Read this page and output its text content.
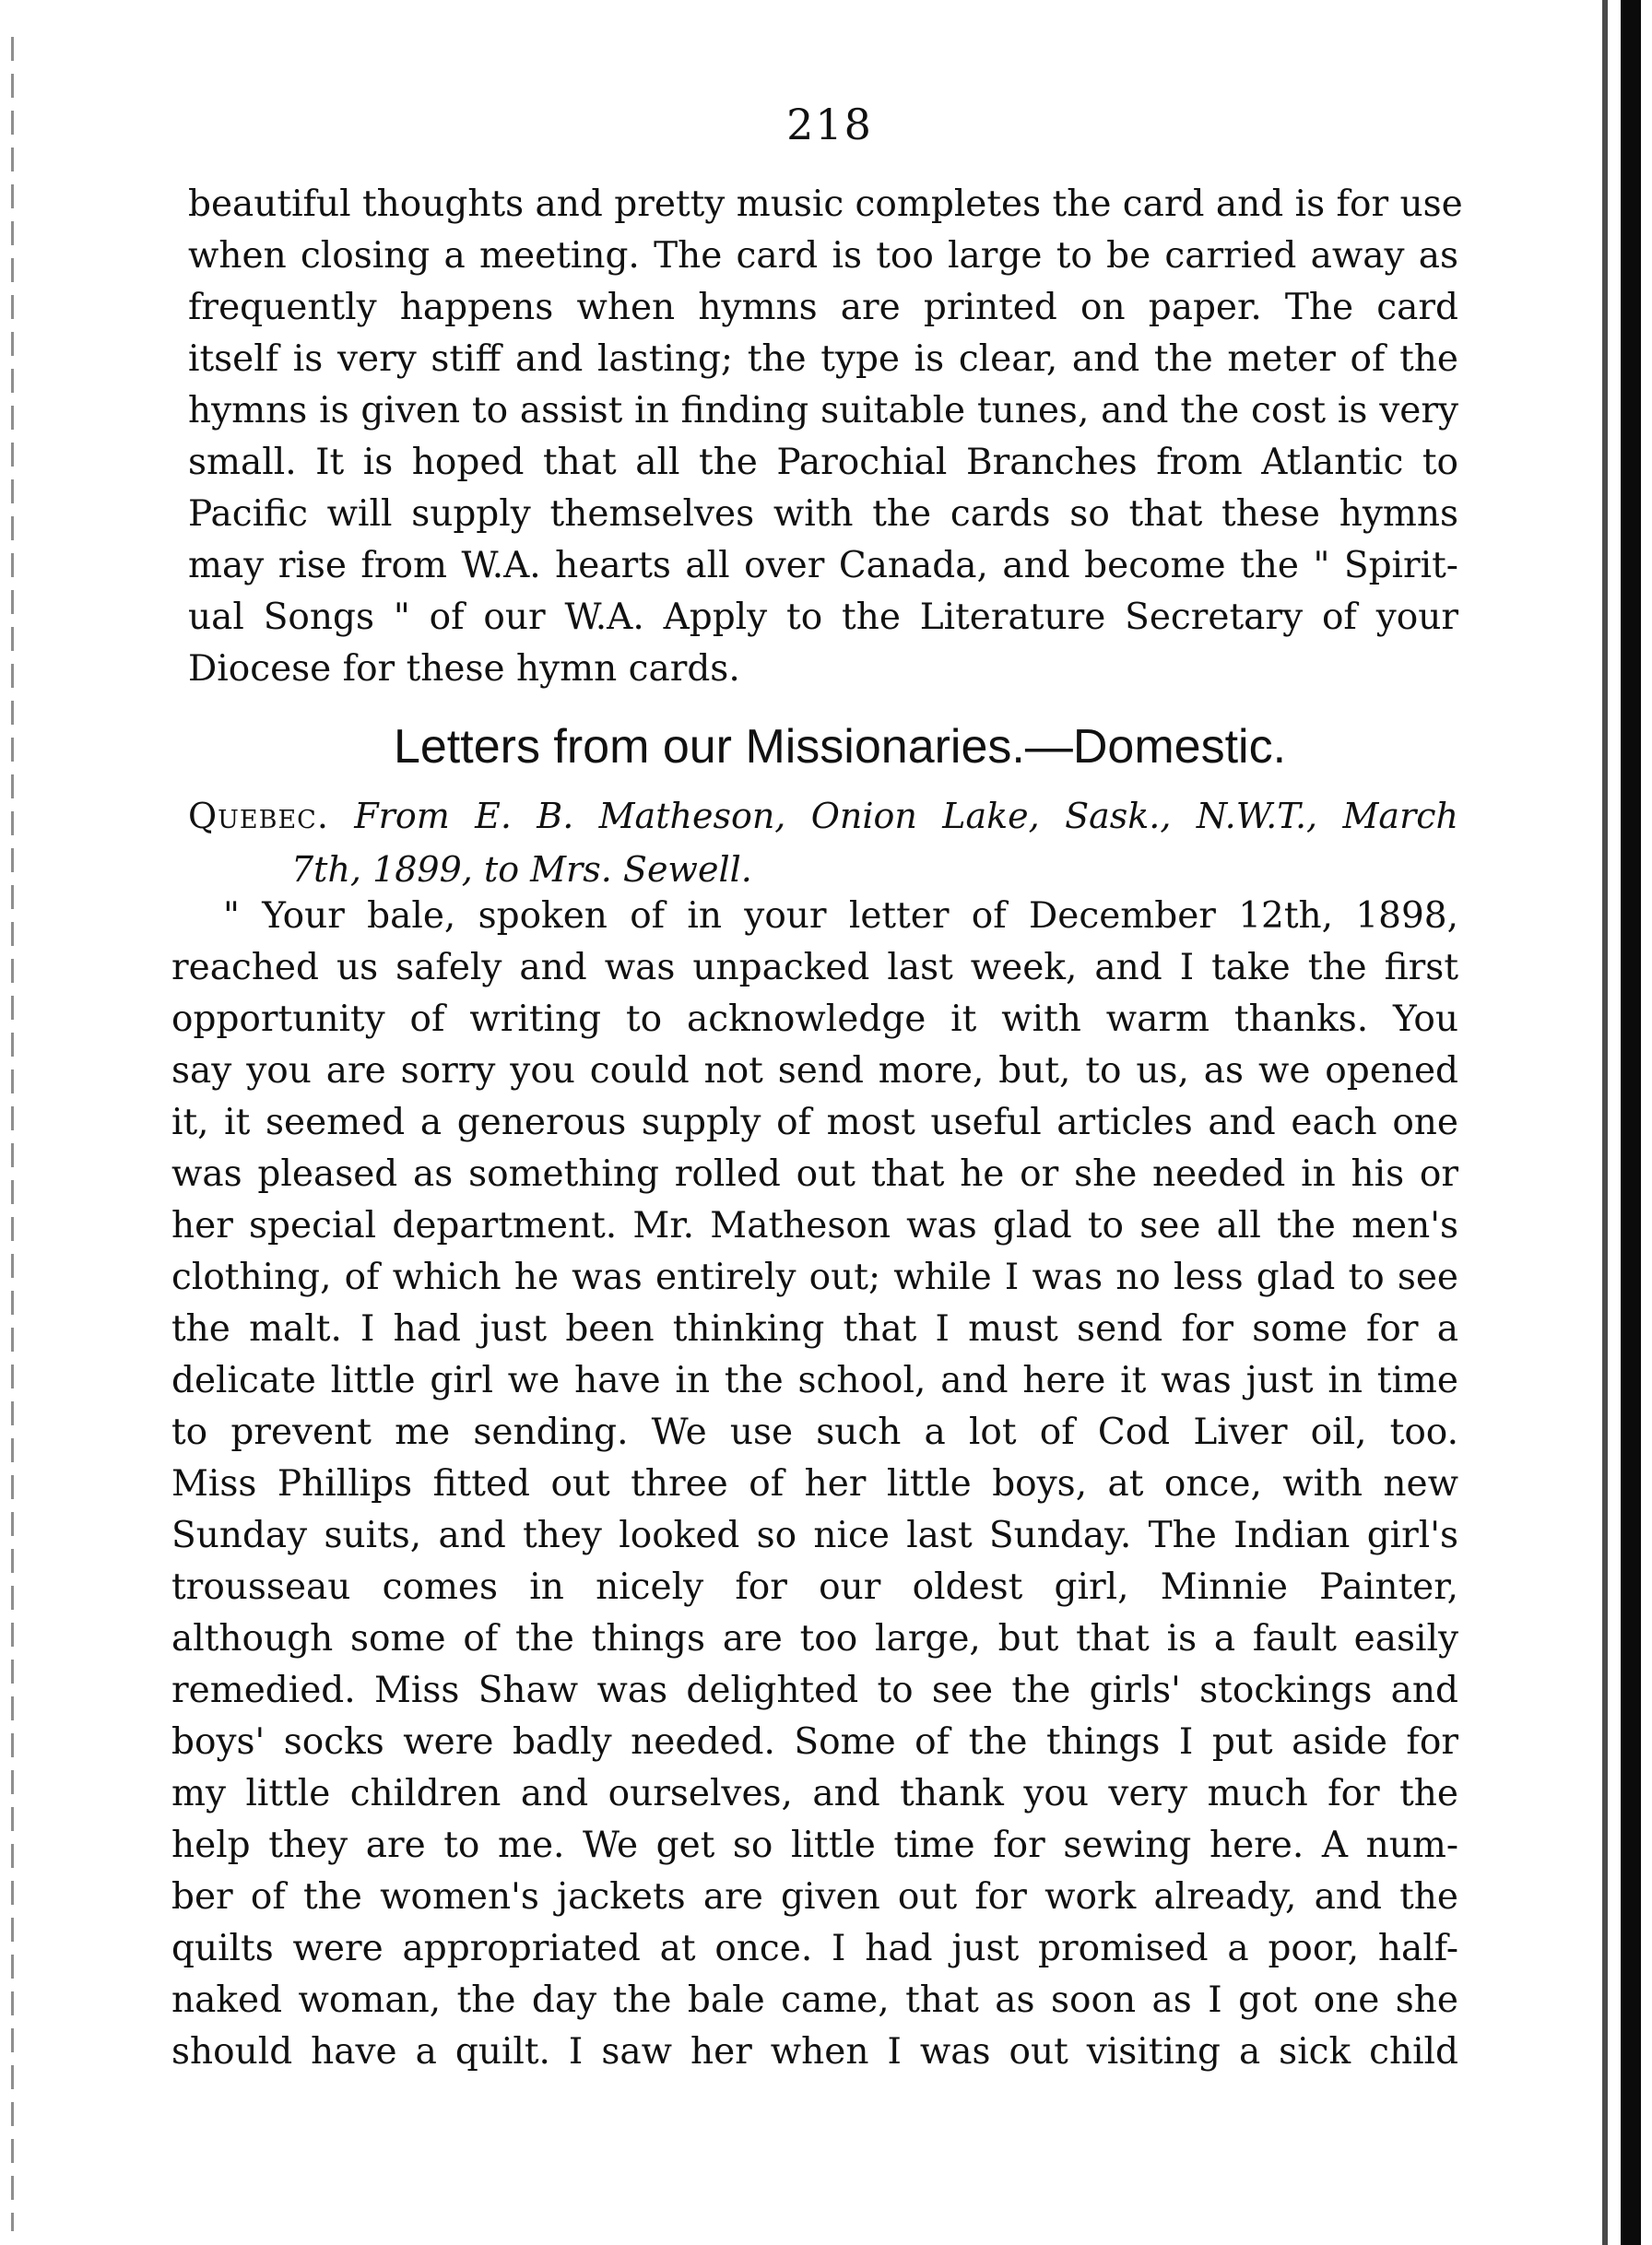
218
beautiful thoughts and pretty music completes the card and is for use
when closing a meeting. The card is too large to be carried away as
frequently happens when hymns are printed on paper. The card
itself is very stiff and lasting; the type is clear, and the meter of the
hymns is given to assist in finding suitable tunes, and the cost is very
small. It is hoped that all the Parochial Branches from Atlantic to
Pacific will supply themselves with the cards so that these hymns
may rise from W.A. hearts all over Canada, and become the " Spirit-
ual Songs " of our W.A. Apply to the Literature Secretary of your
Diocese for these hymn cards.
Letters from our Missionaries.—Domestic.
Quebec. From E. B. Matheson, Onion Lake, Sask., N.W.T., March
7th, 1899, to Mrs. Sewell.
" Your bale, spoken of in your letter of December 12th, 1898,
reached us safely and was unpacked last week, and I take the first
opportunity of writing to acknowledge it with warm thanks. You
say you are sorry you could not send more, but, to us, as we opened
it, it seemed a generous supply of most useful articles and each one
was pleased as something rolled out that he or she needed in his or
her special department. Mr. Matheson was glad to see all the men's
clothing, of which he was entirely out; while I was no less glad to see
the malt. I had just been thinking that I must send for some for a
delicate little girl we have in the school, and here it was just in time
to prevent me sending. We use such a lot of Cod Liver oil, too.
Miss Phillips fitted out three of her little boys, at once, with new
Sunday suits, and they looked so nice last Sunday. The Indian girl's
trousseau comes in nicely for our oldest girl, Minnie Painter,
although some of the things are too large, but that is a fault easily
remedied. Miss Shaw was delighted to see the girls' stockings and
boys' socks were badly needed. Some of the things I put aside for
my little children and ourselves, and thank you very much for the
help they are to me. We get so little time for sewing here. A num-
ber of the women's jackets are given out for work already, and the
quilts were appropriated at once. I had just promised a poor, half-
naked woman, the day the bale came, that as soon as I got one she
should have a quilt. I saw her when I was out visiting a sick child
